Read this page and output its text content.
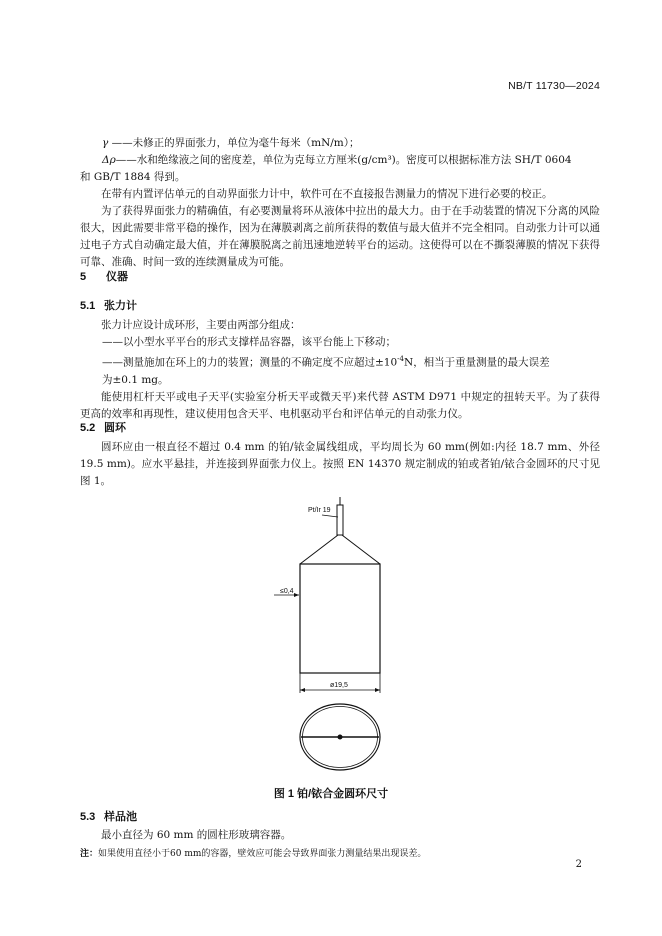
NB/T 11730—2024

γ ——未修正的界面张力，单位为毫牛每米（mN/m）；

Δρ——水和绝缘液之间的密度差，单位为克每立方厘米(g/cm³)。密度可以根据标准方法 SH/T 0604

和 GB/T 1884 得到。

在带有内置评估单元的自动界面张力计中，软件可在不直接报告测量力的情况下进行必要的校正。

为了获得界面张力的精确值，有必要测量将环从液体中拉出的最大力。由于在手动装置的情况下分离的风险很大，因此需要非常平稳的操作，因为在薄膜剥离之前所获得的数值与最大值并不完全相同。自动张力计可以通过电子方式自动确定最大值，并在薄膜脱离之前迅速地逆转平台的运动。这使得可以在不撕裂薄膜的情况下获得可靠、准确、时间一致的连续测量成为可能。

5 仪器
5.1 张力计

张力计应设计成环形，主要由两部分组成：

——以小型水平平台的形式支撑样品容器，该平台能上下移动；

——测量施加在环上的力的装置；测量的不确定度不应超过$\pm 10^{-4}N$，相当于重量测量的最大误差

为±0.1 mg。

能使用杠杆天平或电子天平(实验室分析天平或微天平)来代替 ASTM D971 中规定的扭转天平。为了获得更高的效率和再现性，建议使用包含天平、电机驱动平台和评估单元的自动张力仪。

5.2 圆环

圆环应由一根直径不超过 0.4 mm 的铂/铱金属线组成，平均周长为 60 mm(例如:内径 18.7 mm、外径 19.5 mm)。应水平悬挂，并连接到界面张力仪上。按照 EN 14370 规定制成的铂或者铂/铱合金圆环的尺寸见图 1。

Pt/Ir 19
≤0,4
ø19,5
图 1 铂/铱合金圆环尺寸
5.3 样品池

最小直径为 60 mm 的圆柱形玻璃容器。

注：如果使用直径小于60 mm的容器，壁效应可能会导致界面张力测量结果出现误差。
2
